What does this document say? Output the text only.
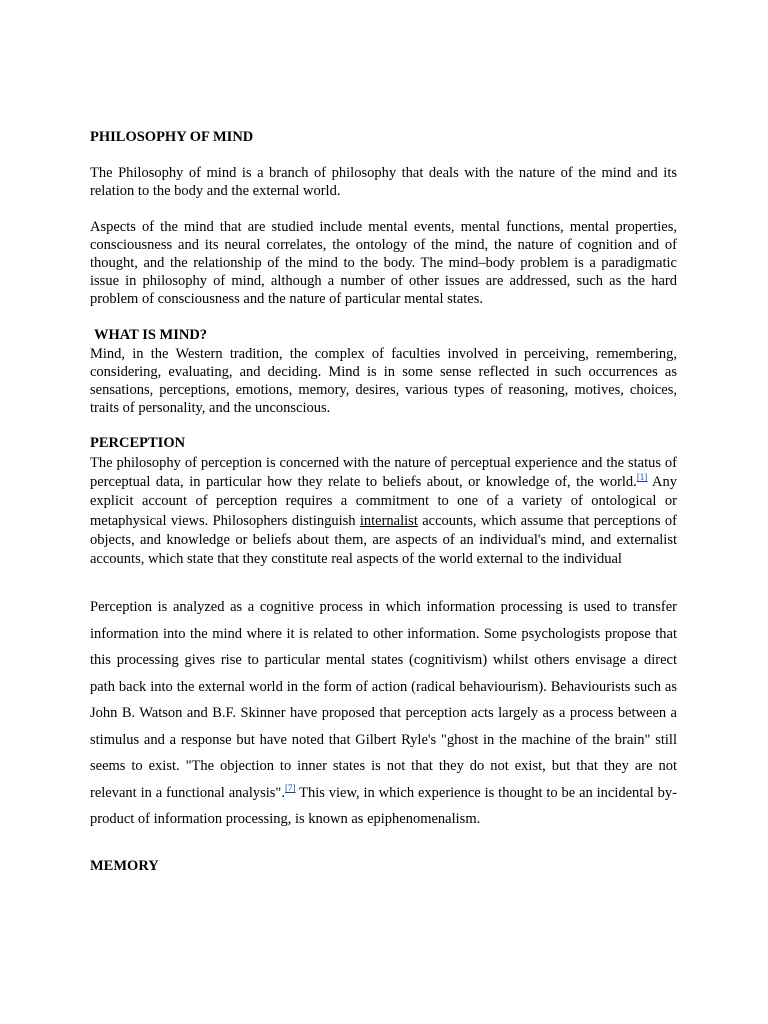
PHILOSOPHY OF MIND

The Philosophy of mind is a branch of philosophy that deals with the nature of the mind and its relation to the body and the external world.

Aspects of the mind that are studied include mental events, mental functions, mental properties, consciousness and its neural correlates, the ontology of the mind, the nature of cognition and of thought, and the relationship of the mind to the body. The mind–body problem is a paradigmatic issue in philosophy of mind, although a number of other issues are addressed, such as the hard problem of consciousness and the nature of particular mental states.

WHAT IS MIND?

Mind, in the Western tradition, the complex of faculties involved in perceiving, remembering, considering, evaluating, and deciding. Mind is in some sense reflected in such occurrences as sensations, perceptions, emotions, memory, desires, various types of reasoning, motives, choices, traits of personality, and the unconscious.

PERCEPTION

The philosophy of perception is concerned with the nature of perceptual experience and the status of perceptual data, in particular how they relate to beliefs about, or knowledge of, the world.[1] Any explicit account of perception requires a commitment to one of a variety of ontological or metaphysical views. Philosophers distinguish internalist accounts, which assume that perceptions of objects, and knowledge or beliefs about them, are aspects of an individual's mind, and externalist accounts, which state that they constitute real aspects of the world external to the individual

Perception is analyzed as a cognitive process in which information processing is used to transfer information into the mind where it is related to other information. Some psychologists propose that this processing gives rise to particular mental states (cognitivism) whilst others envisage a direct path back into the external world in the form of action (radical behaviourism). Behaviourists such as John B. Watson and B.F. Skinner have proposed that perception acts largely as a process between a stimulus and a response but have noted that Gilbert Ryle's "ghost in the machine of the brain" still seems to exist. "The objection to inner states is not that they do not exist, but that they are not relevant in a functional analysis".[7] This view, in which experience is thought to be an incidental by-product of information processing, is known as epiphenomenalism.

MEMORY
